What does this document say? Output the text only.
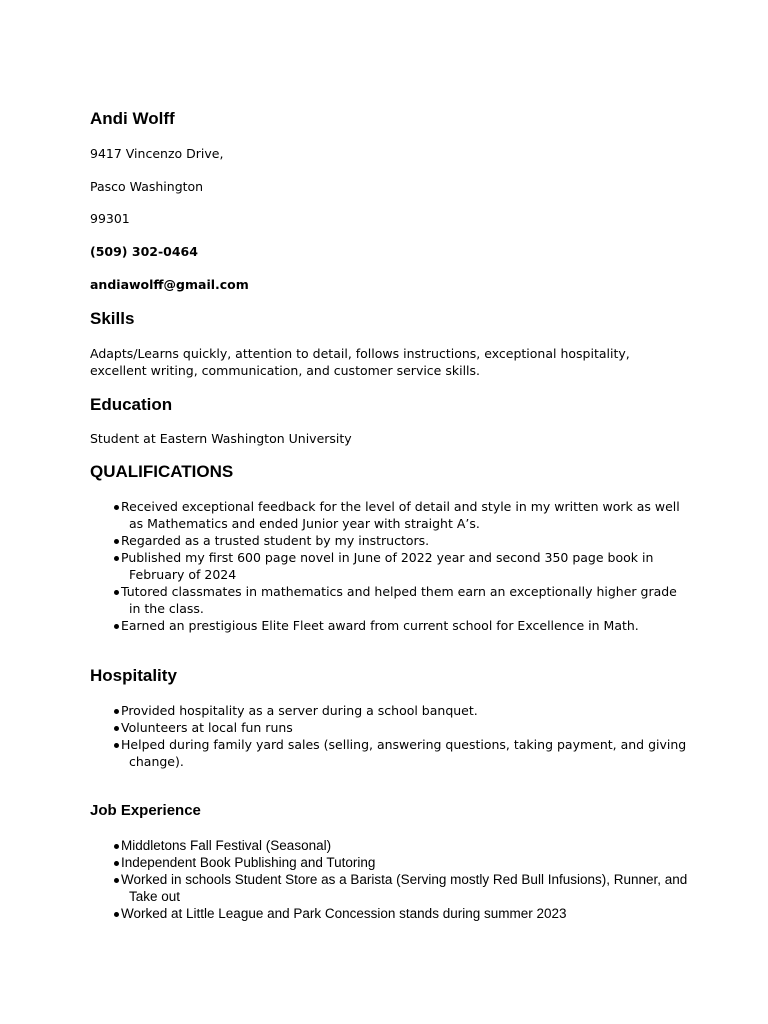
Andi Wolff
9417 Vincenzo Drive,
Pasco Washington
99301
(509) 302-0464
andiawolff@gmail.com
Skills
Adapts/Learns quickly, attention to detail, follows instructions, exceptional hospitality, excellent writing, communication, and customer service skills.
Education
Student at Eastern Washington University
QUALIFICATIONS
Received exceptional feedback for the level of detail and style in my written work as well as Mathematics and ended Junior year with straight A’s.
Regarded as a trusted student by my instructors.
Published my first 600 page novel in June of 2022 year and second 350 page book in February of 2024
Tutored classmates in mathematics and helped them earn an exceptionally higher grade in the class.
Earned an prestigious Elite Fleet award from current school for Excellence in Math.
Hospitality
Provided hospitality as a server during a school banquet.
Volunteers at local fun runs
Helped during family yard sales (selling, answering questions, taking payment, and giving change).
Job Experience
Middletons Fall Festival (Seasonal)
Independent Book Publishing and Tutoring
Worked in schools Student Store as a Barista (Serving mostly Red Bull Infusions), Runner, and Take out
Worked at Little League and Park Concession stands during summer 2023
